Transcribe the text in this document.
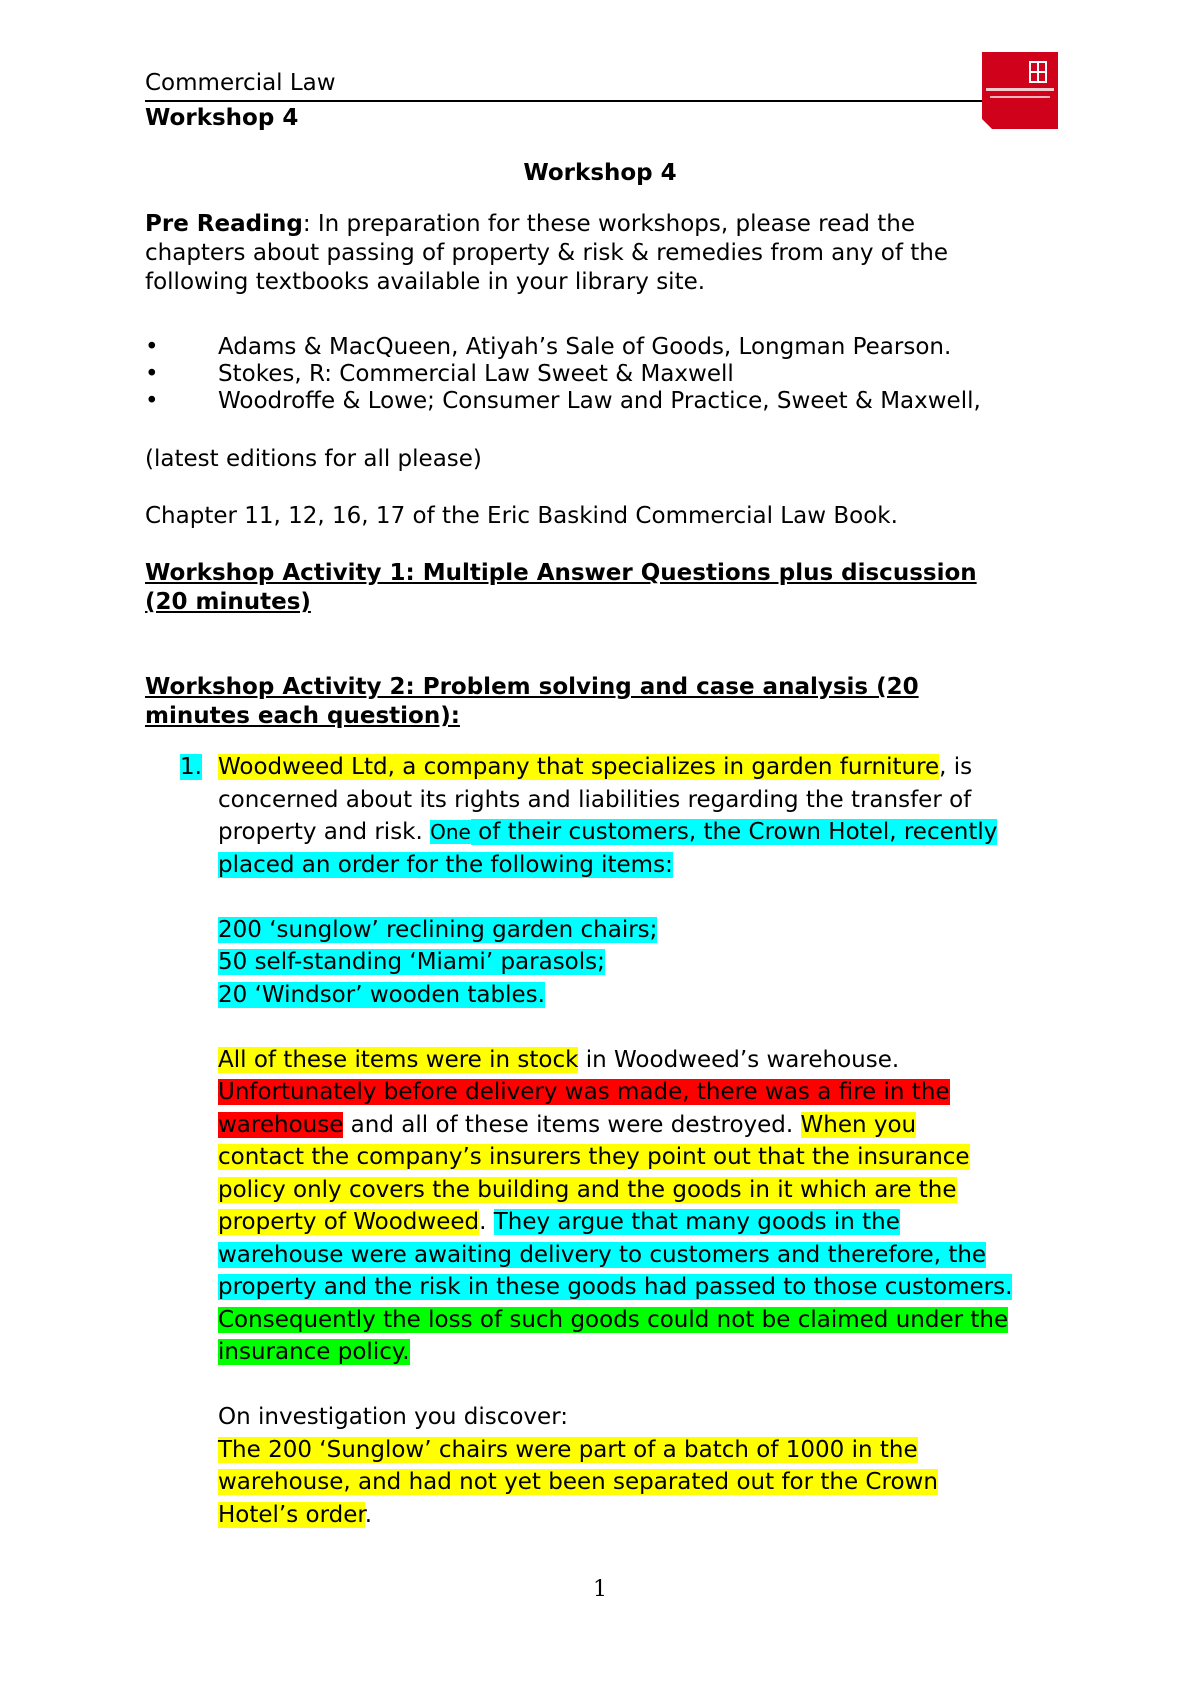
Commercial Law
Workshop 4
Workshop 4
Pre Reading: In preparation for these workshops, please read the
chapters about passing of property & risk & remedies from any of the
following textbooks available in your library site.
•	Adams & MacQueen, Atiyah’s Sale of Goods, Longman Pearson.
•	Stokes, R: Commercial Law Sweet & Maxwell
•	Woodroffe & Lowe; Consumer Law and Practice, Sweet & Maxwell,
(latest editions for all please)
Chapter 11, 12, 16, 17 of the Eric Baskind Commercial Law Book.
Workshop Activity 1: Multiple Answer Questions plus discussion
(20 minutes)
Workshop Activity 2: Problem solving and case analysis (20
minutes each question):
1. Woodweed Ltd, a company that specializes in garden furniture, is
concerned about its rights and liabilities regarding the transfer of
property and risk. One of their customers, the Crown Hotel, recently
placed an order for the following items:

200 ‘sunglow’ reclining garden chairs;
50 self-standing ‘Miami’ parasols;
20 ‘Windsor’ wooden tables.

All of these items were in stock in Woodweed’s warehouse.
Unfortunately before delivery was made, there was a fire in the
warehouse and all of these items were destroyed. When you
contact the company’s insurers they point out that the insurance
policy only covers the building and the goods in it which are the
property of Woodweed. They argue that many goods in the
warehouse were awaiting delivery to customers and therefore, the
property and the risk in these goods had passed to those customers.
Consequently the loss of such goods could not be claimed under the
insurance policy.

On investigation you discover:
The 200 ‘Sunglow’ chairs were part of a batch of 1000 in the
warehouse, and had not yet been separated out for the Crown
Hotel’s order.
1
